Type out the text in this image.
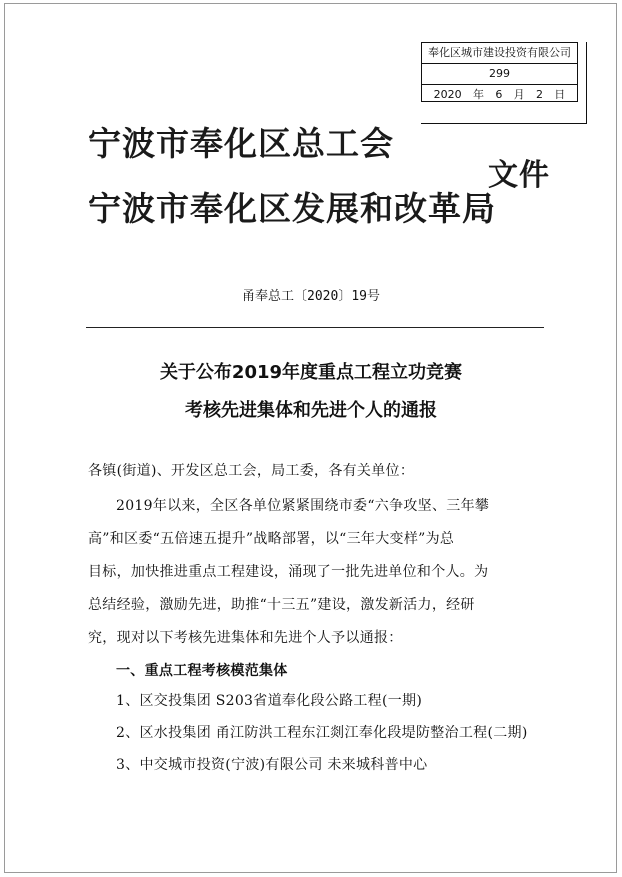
奉化区城市建设投资有限公司
299
2020 年 6 月 2 日
宁波市奉化区总工会
宁波市奉化区发展和改革局
文件
甬奉总工〔2020〕19号
关于公布2019年度重点工程立功竞赛
考核先进集体和先进个人的通报
各镇(街道)、开发区总工会，局工委，各有关单位：
2019年以来，全区各单位紧紧围绕市委“六争攻坚、三年攀
高”和区委“五倍速五提升”战略部署，以“三年大变样”为总
目标，加快推进重点工程建设，涌现了一批先进单位和个人。为
总结经验，激励先进，助推“十三五”建设，激发新活力，经研
究，现对以下考核先进集体和先进个人予以通报：
一、重点工程考核模范集体
1、区交投集团 S203省道奉化段公路工程(一期)
2、区水投集团 甬江防洪工程东江剡江奉化段堤防整治工程(二期)
3、中交城市投资(宁波)有限公司 未来城科普中心
